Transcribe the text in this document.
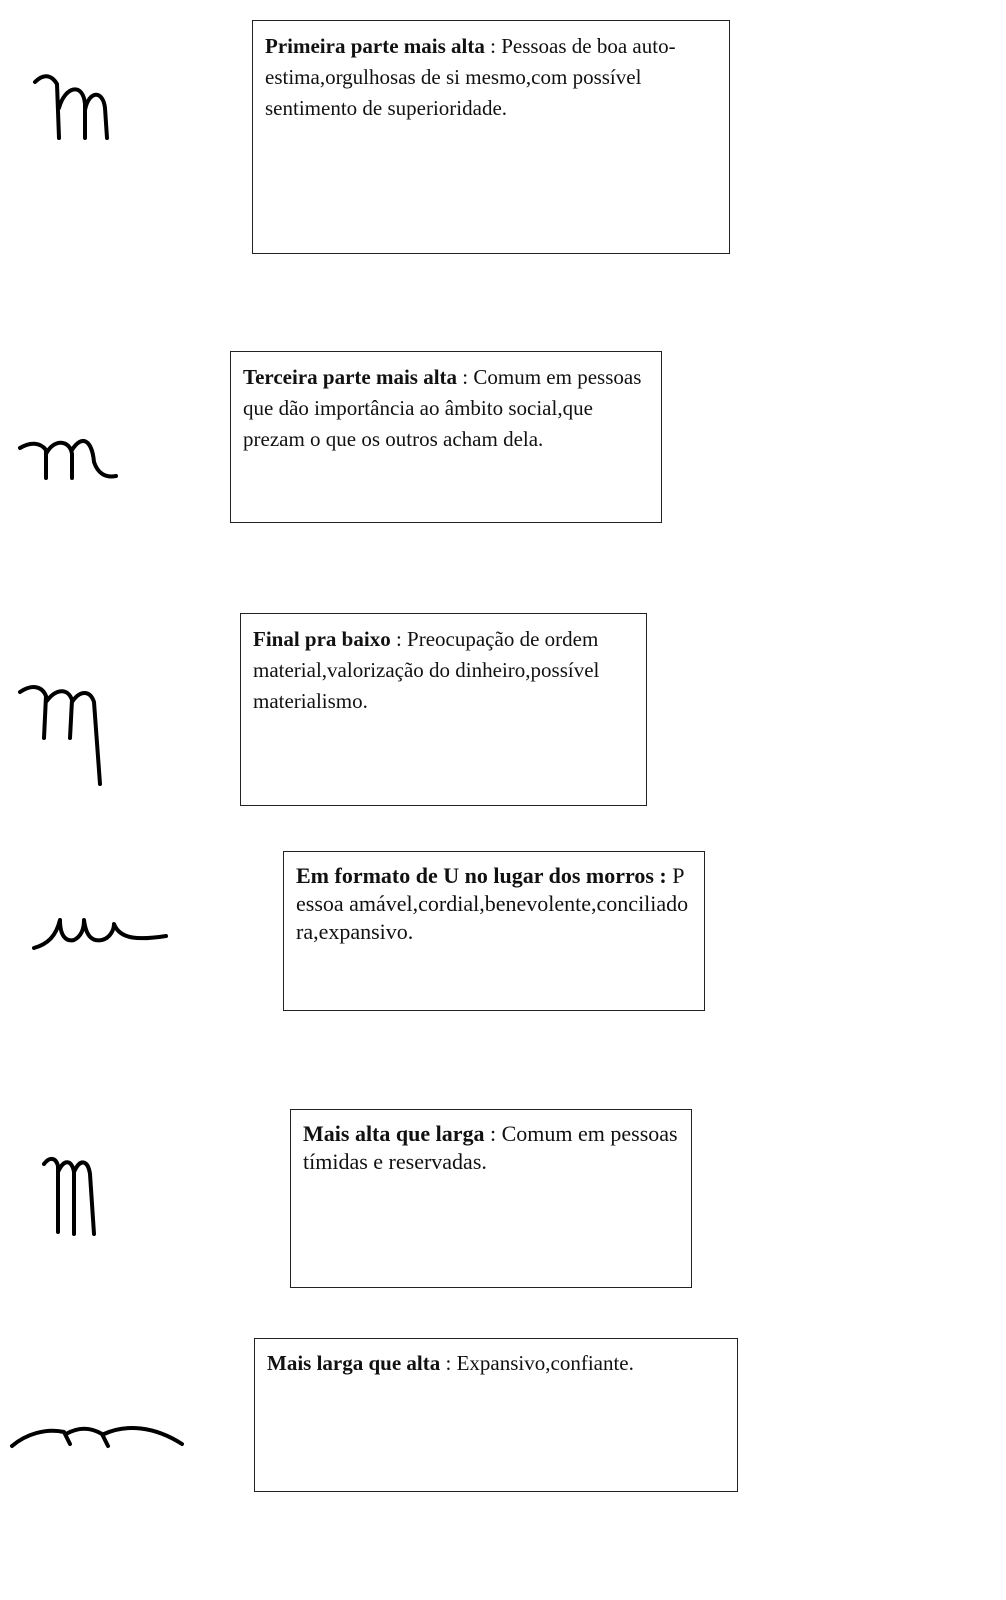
Primeira parte mais alta : Pessoas de boa auto-estima,orgulhosas de si mesmo,com possível sentimento de superioridade.
Terceira parte mais alta : Comum em pessoas que dão importância ao âmbito social,que prezam o que os outros acham dela.
Final pra baixo : Preocupação de ordem material,valorização do dinheiro,possível materialismo.
Em formato de U no lugar dos morros : Pessoa amável,cordial,benevolente,conciliadora,expansivo.
Mais alta que larga : Comum em pessoas tímidas e reservadas.
Mais larga que alta : Expansivo,confiante.
